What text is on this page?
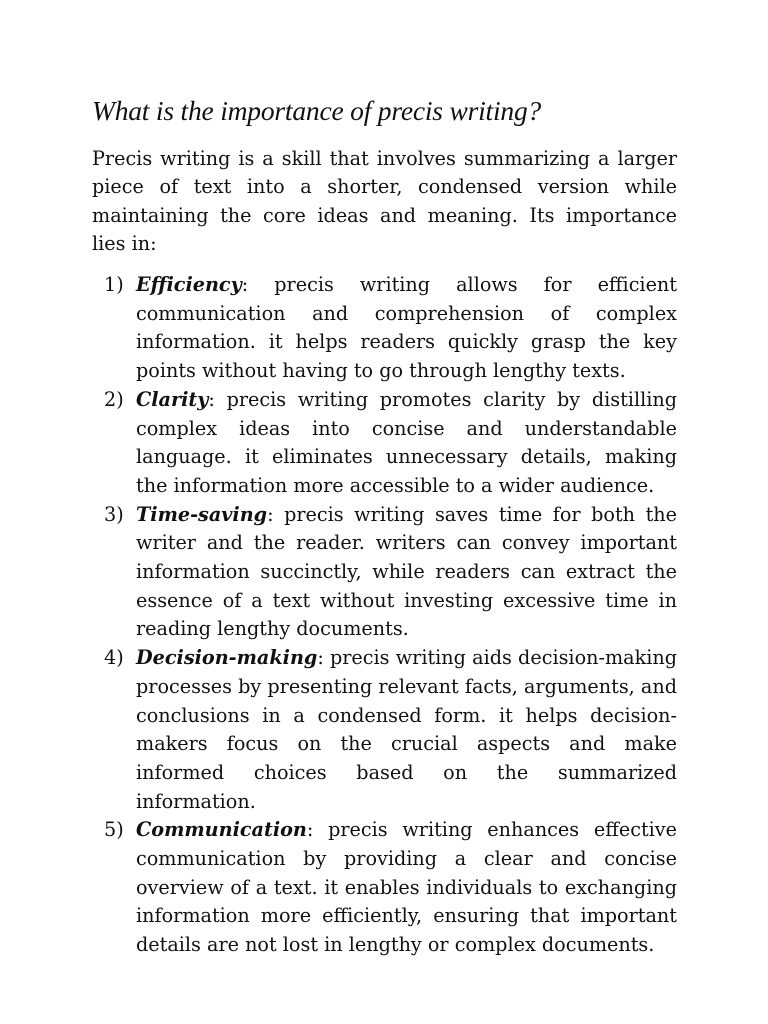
What is the importance of precis writing?

Precis writing is a skill that involves summarizing a larger piece of text into a shorter, condensed version while maintaining the core ideas and meaning. Its importance lies in:

1) Efficiency: precis writing allows for efficient communication and comprehension of complex information. it helps readers quickly grasp the key points without having to go through lengthy texts.
2) Clarity: precis writing promotes clarity by distilling complex ideas into concise and understandable language. it eliminates unnecessary details, making the information more accessible to a wider audience.
3) Time-saving: precis writing saves time for both the writer and the reader. writers can convey important information succinctly, while readers can extract the essence of a text without investing excessive time in reading lengthy documents.
4) Decision-making: precis writing aids decision-making processes by presenting relevant facts, arguments, and conclusions in a condensed form. it helps decision-makers focus on the crucial aspects and make informed choices based on the summarized information.
5) Communication: precis writing enhances effective communication by providing a clear and concise overview of a text. it enables individuals to exchanging information more efficiently, ensuring that important details are not lost in lengthy or complex documents.
